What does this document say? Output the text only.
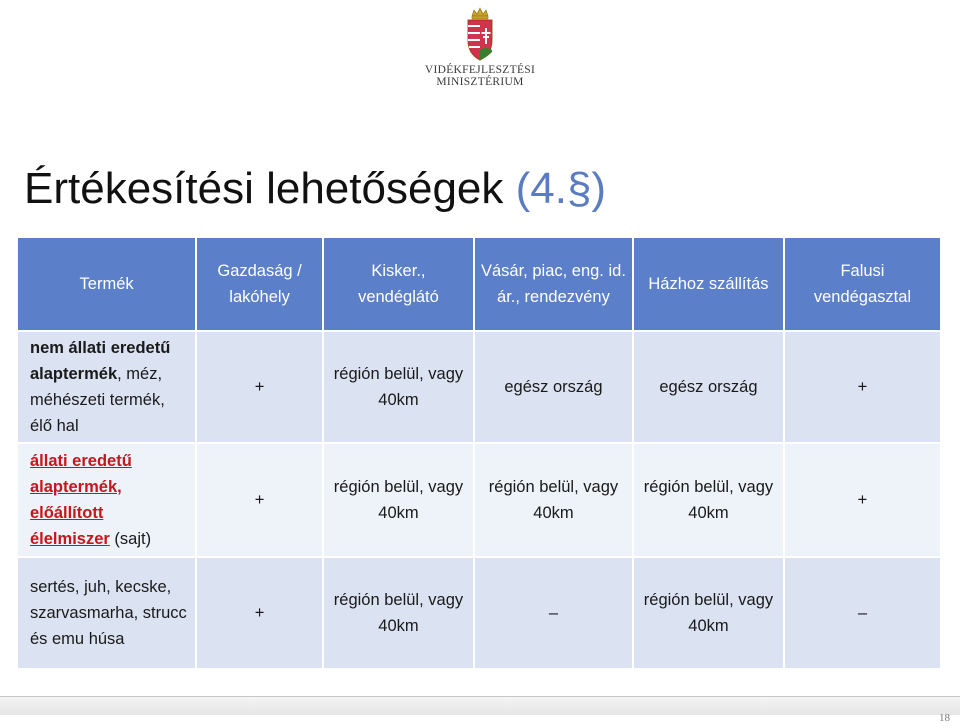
VIDÉKFEJLESZTÉSI
MINISZTÉRIUM
Értékesítési lehetőségek (4.§)
Termék	Gazdaság / lakóhely	Kisker., vendéglátó	Vásár, piac, eng. id. ár., rendezvény	Házhoz szállítás	Falusi vendégasztal
nem állati eredetű alaptermék, méz, méhészeti termék, élő hal	+	régión belül, vagy 40km	egész ország	egész ország	+
állati eredetű alaptermék, előállított élelmiszer (sajt)	+	régión belül, vagy 40km	régión belül, vagy 40km	régión belül, vagy 40km	+
sertés, juh, kecske, szarvasmarha, strucc és emu húsa	+	régión belül, vagy 40km	–	régión belül, vagy 40km	–
18
